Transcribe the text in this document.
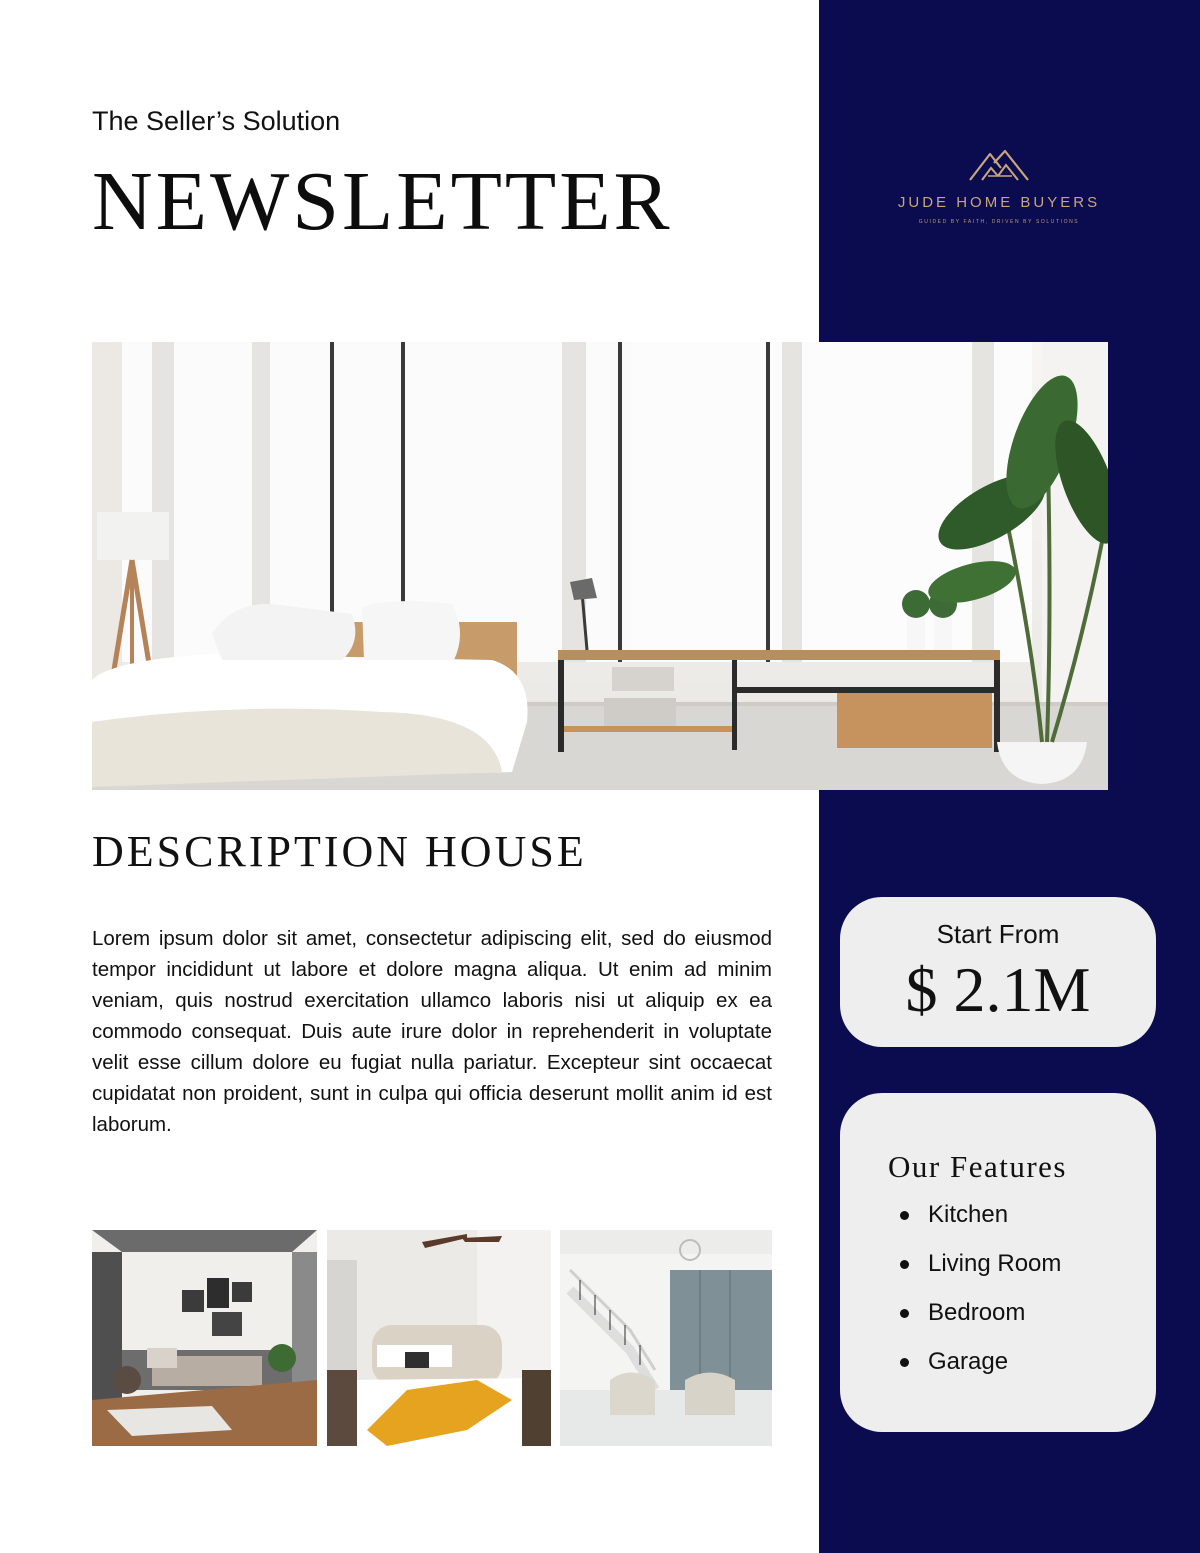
JUDE HOME BUYERS
GUIDED BY FAITH, DRIVEN BY SOLUTIONS
The Seller’s Solution
NEWSLETTER
DESCRIPTION HOUSE
Lorem ipsum dolor sit amet, consectetur adipiscing elit, sed do eiusmod tempor incididunt ut labore et dolore magna aliqua. Ut enim ad minim veniam, quis nostrud exercitation ullamco laboris nisi ut aliquip ex ea commodo consequat. Duis aute irure dolor in reprehenderit in voluptate velit esse cillum dolore eu fugiat nulla pariatur. Excepteur sint occaecat cupidatat non proident, sunt in culpa qui officia deserunt mollit anim id est laborum.
Start From
$ 2.1M
Our Features
Kitchen
Living Room
Bedroom
Garage
